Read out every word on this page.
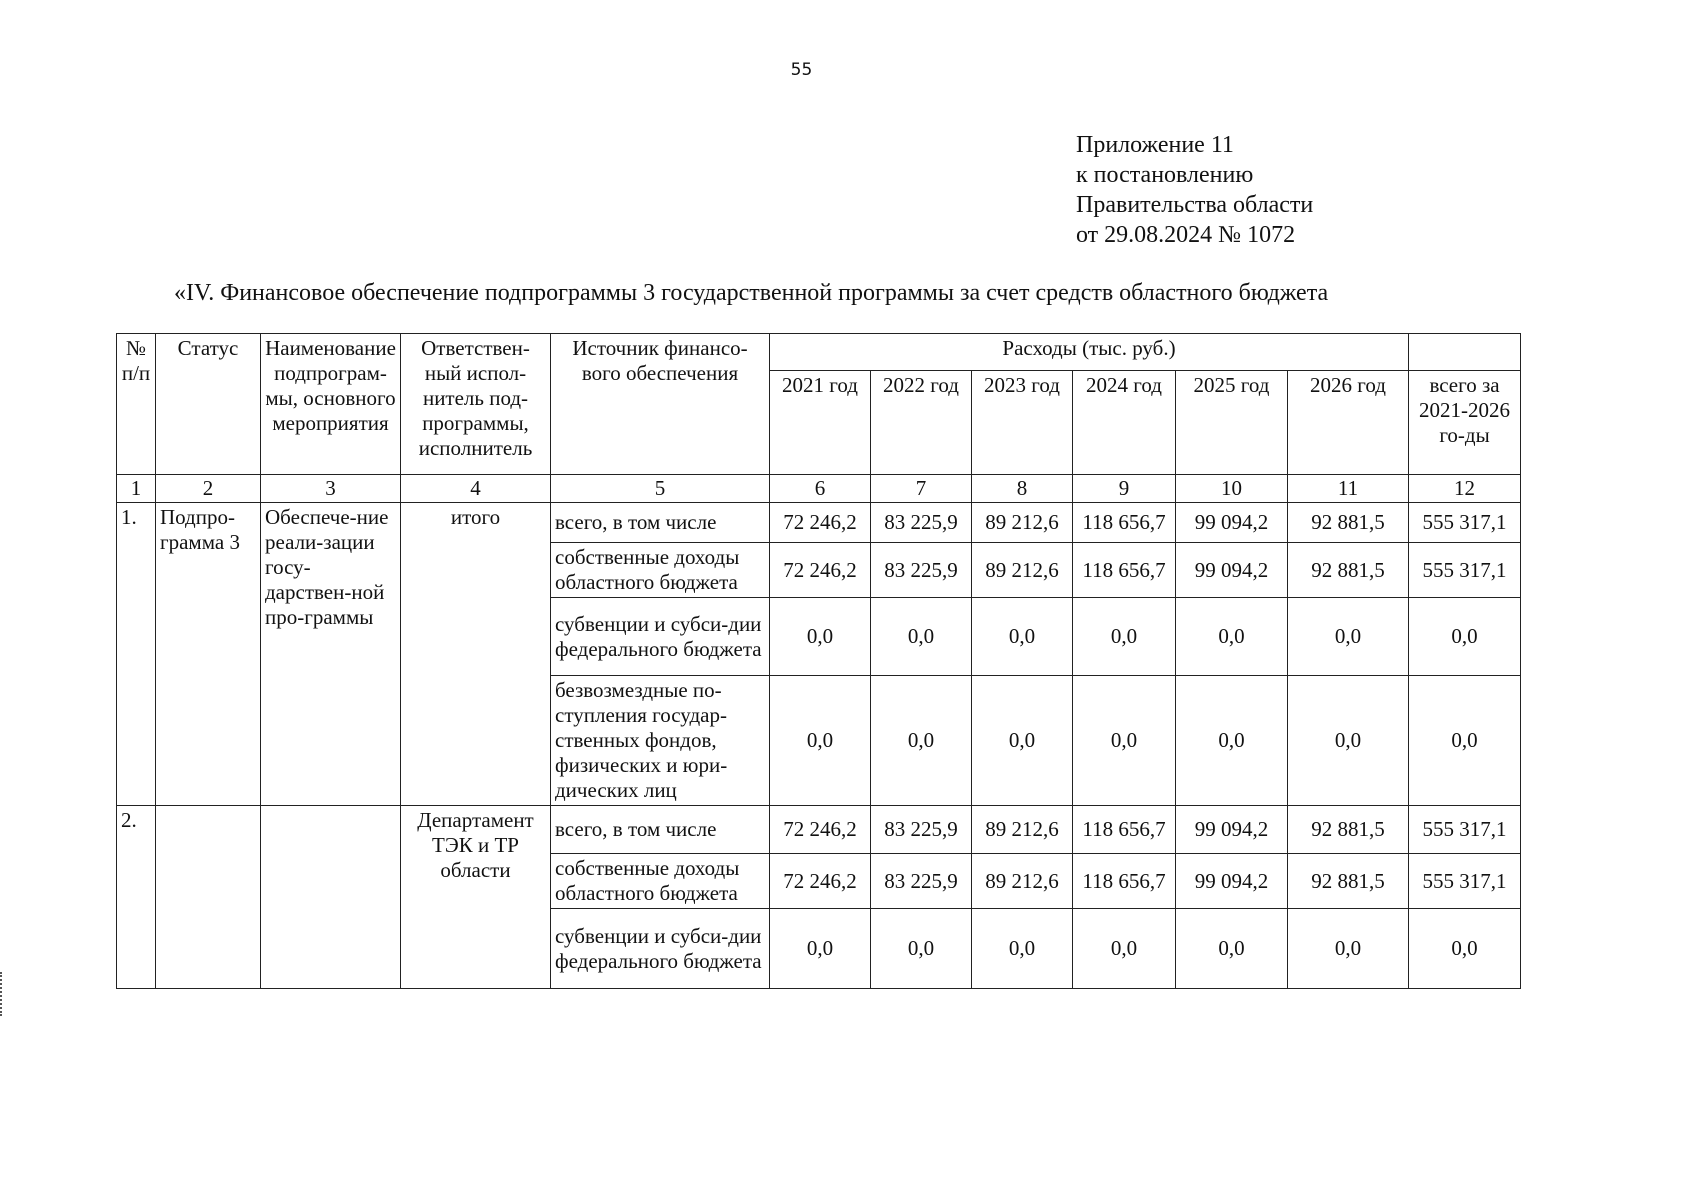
55
Приложение 11
к постановлению
Правительства области
от 29.08.2024 № 1072
«IV. Финансовое обеспечение подпрограммы 3 государственной программы за счет средств областного бюджета
№ п/п	Статус	Наименование подпрограм-мы, основного мероприятия	Ответствен-ный испол-нитель под-программы, исполнитель	Источник финансо-вого обеспечения	Расходы (тыс. руб.)						
					2021 год	2022 год	2023 год	2024 год	2025 год	2026 год	всего за 2021-2026 го-ды
1	2	3	4	5	6	7	8	9	10	11	12
1.	Подпро-грамма 3	Обеспече-ние реали-зации госу-дарствен-ной про-граммы	итого	всего, в том числе	72 246,2	83 225,9	89 212,6	118 656,7	99 094,2	92 881,5	555 317,1
				собственные доходы областного бюджета	72 246,2	83 225,9	89 212,6	118 656,7	99 094,2	92 881,5	555 317,1
				субвенции и субси-дии федерального бюджета	0,0	0,0	0,0	0,0	0,0	0,0	0,0
				безвозмездные по-ступления государ-ственных фондов, физических и юри-дических лиц	0,0	0,0	0,0	0,0	0,0	0,0	0,0
2.			Департамент ТЭК и ТР области	всего, в том числе	72 246,2	83 225,9	89 212,6	118 656,7	99 094,2	92 881,5	555 317,1
				собственные доходы областного бюджета	72 246,2	83 225,9	89 212,6	118 656,7	99 094,2	92 881,5	555 317,1
				субвенции и субси-дии федерального бюджета	0,0	0,0	0,0	0,0	0,0	0,0	0,0
